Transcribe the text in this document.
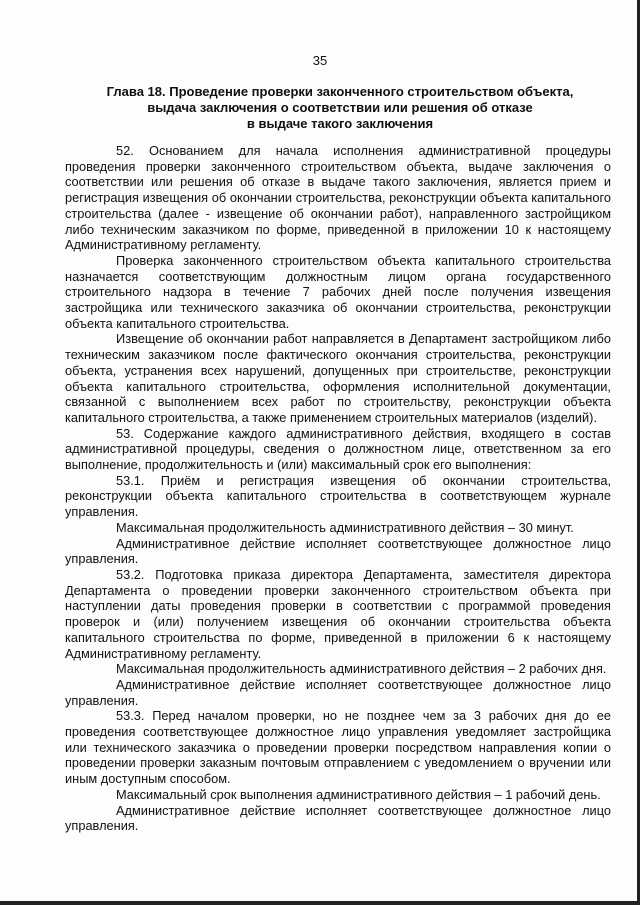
35
Глава 18. Проведение проверки законченного строительством объекта,
выдача заключения о соответствии или решения об отказе
в выдаче такого заключения

52. Основанием для начала исполнения административной процедуры проведения проверки законченного строительством объекта, выдаче заключения о соответствии или решения об отказе в выдаче такого заключения, является прием и регистрация извещения об окончании строительства, реконструкции объекта капитального строительства (далее - извещение об окончании работ), направленного застройщиком либо техническим заказчиком по форме, приведенной в приложении 10 к настоящему Административному регламенту.

Проверка законченного строительством объекта капитального строительства назначается соответствующим должностным лицом органа государственного строительного надзора в течение 7 рабочих дней после получения извещения застройщика или технического заказчика об окончании строительства, реконструкции объекта капитального строительства.

Извещение об окончании работ направляется в Департамент застройщиком либо техническим заказчиком после фактического окончания строительства, реконструкции объекта, устранения всех нарушений, допущенных при строительстве, реконструкции объекта капитального строительства, оформления исполнительной документации, связанной с выполнением всех работ по строительству, реконструкции объекта капитального строительства, а также применением строительных материалов (изделий).

53. Содержание каждого административного действия, входящего в состав административной процедуры, сведения о должностном лице, ответственном за его выполнение, продолжительность и (или) максимальный срок его выполнения:

53.1. Приём и регистрация извещения об окончании строительства, реконструкции объекта капитального строительства в соответствующем журнале управления.

Максимальная продолжительность административного действия – 30 минут.

Административное действие исполняет соответствующее должностное лицо управления.

53.2. Подготовка приказа директора Департамента, заместителя директора Департамента о проведении проверки законченного строительством объекта при наступлении даты проведения проверки в соответствии с программой проведения проверок и (или) получением извещения об окончании строительства объекта капитального строительства по форме, приведенной в приложении 6 к настоящему Административному регламенту.

Максимальная продолжительность административного действия – 2 рабочих дня.

Административное действие исполняет соответствующее должностное лицо управления.

53.3. Перед началом проверки, но не позднее чем за 3 рабочих дня до ее проведения соответствующее должностное лицо управления уведомляет застройщика или технического заказчика о проведении проверки посредством направления копии о проведении проверки заказным почтовым отправлением с уведомлением о вручении или иным доступным способом.

Максимальный срок выполнения административного действия – 1 рабочий день.

Административное действие исполняет соответствующее должностное лицо управления.
